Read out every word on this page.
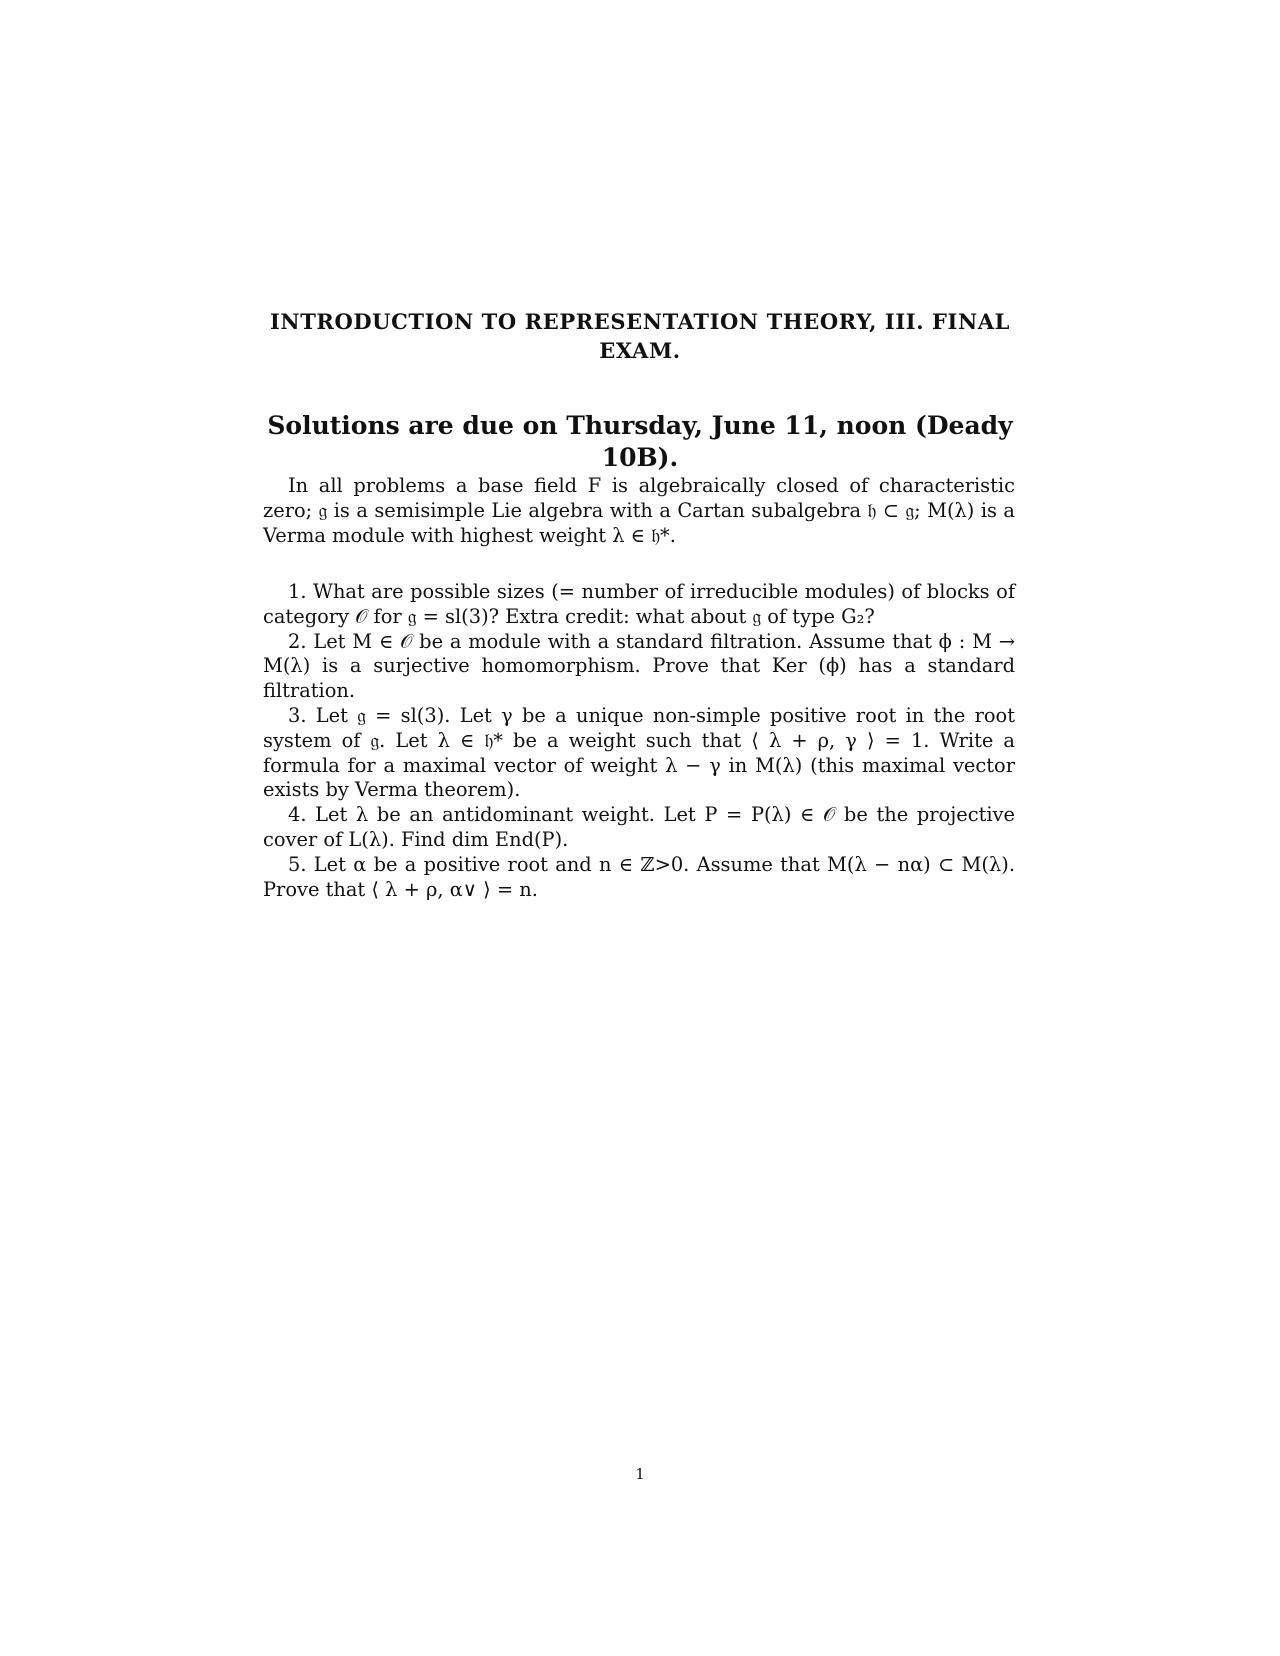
INTRODUCTION TO REPRESENTATION THEORY, III. FINAL EXAM.
Solutions are due on Thursday, June 11, noon (Deady 10B).

In all problems a base field F is algebraically closed of characteristic zero; 𝔤 is a semisimple Lie algebra with a Cartan subalgebra 𝔥 ⊂ 𝔤; M(λ) is a Verma module with highest weight λ ∈ 𝔥*.

1. What are possible sizes (= number of irreducible modules) of blocks of category 𝒪 for 𝔤 = sl(3)? Extra credit: what about 𝔤 of type G₂?

2. Let M ∈ 𝒪 be a module with a standard filtration. Assume that ϕ : M → M(λ) is a surjective homomorphism. Prove that Ker (ϕ) has a standard filtration.

3. Let 𝔤 = sl(3). Let γ be a unique non-simple positive root in the root system of 𝔤. Let λ ∈ 𝔥* be a weight such that ⟨ λ + ρ, γ ⟩ = 1. Write a formula for a maximal vector of weight λ − γ in M(λ) (this maximal vector exists by Verma theorem).

4. Let λ be an antidominant weight. Let P = P(λ) ∈ 𝒪 be the projective cover of L(λ). Find dim End(P).

5. Let α be a positive root and n ∈ ℤ>0. Assume that M(λ − nα) ⊂ M(λ). Prove that ⟨ λ + ρ, α∨ ⟩ = n.

1
